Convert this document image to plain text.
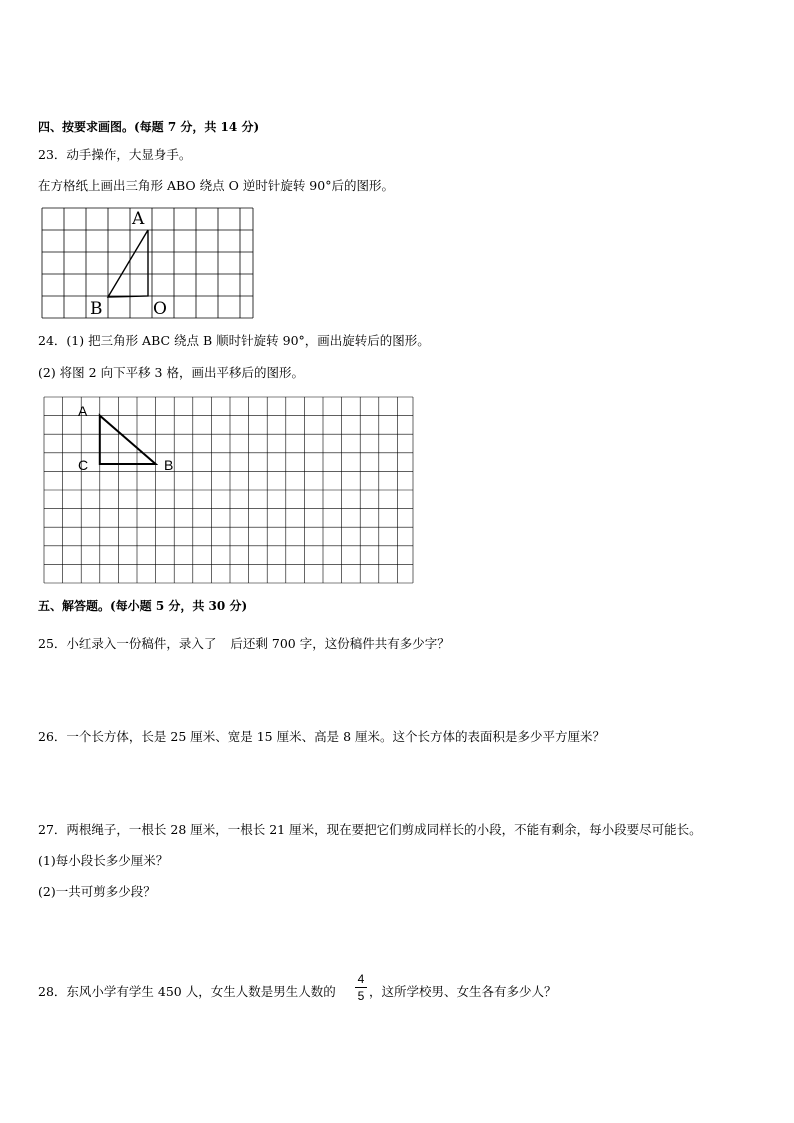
四、按要求画图。(每题 7 分，共 14 分)
23．动手操作，大显身手。
在方格纸上画出三角形 ABO 绕点 O 逆时针旋转 90°后的图形。
A
B	O
24．(1) 把三角形 ABC 绕点 B 顺时针旋转 90°，画出旋转后的图形。
(2) 将图 2 向下平移 3 格，画出平移后的图形。
A
C	B
五、解答题。(每小题 5 分，共 30 分)
25．小红录入一份稿件，录入了 后还剩 700 字，这份稿件共有多少字？
26．一个长方体，长是 25 厘米、宽是 15 厘米、高是 8 厘米。这个长方体的表面积是多少平方厘米？
27．两根绳子，一根长 28 厘米，一根长 21 厘米，现在要把它们剪成同样长的小段，不能有剩余，每小段要尽可能长。
(1)每小段长多少厘米？
(2)一共可剪多少段？
28．东风小学有学生 450 人，女生人数是男生人数的
4
5 ，这所学校男、女生各有多少人？
